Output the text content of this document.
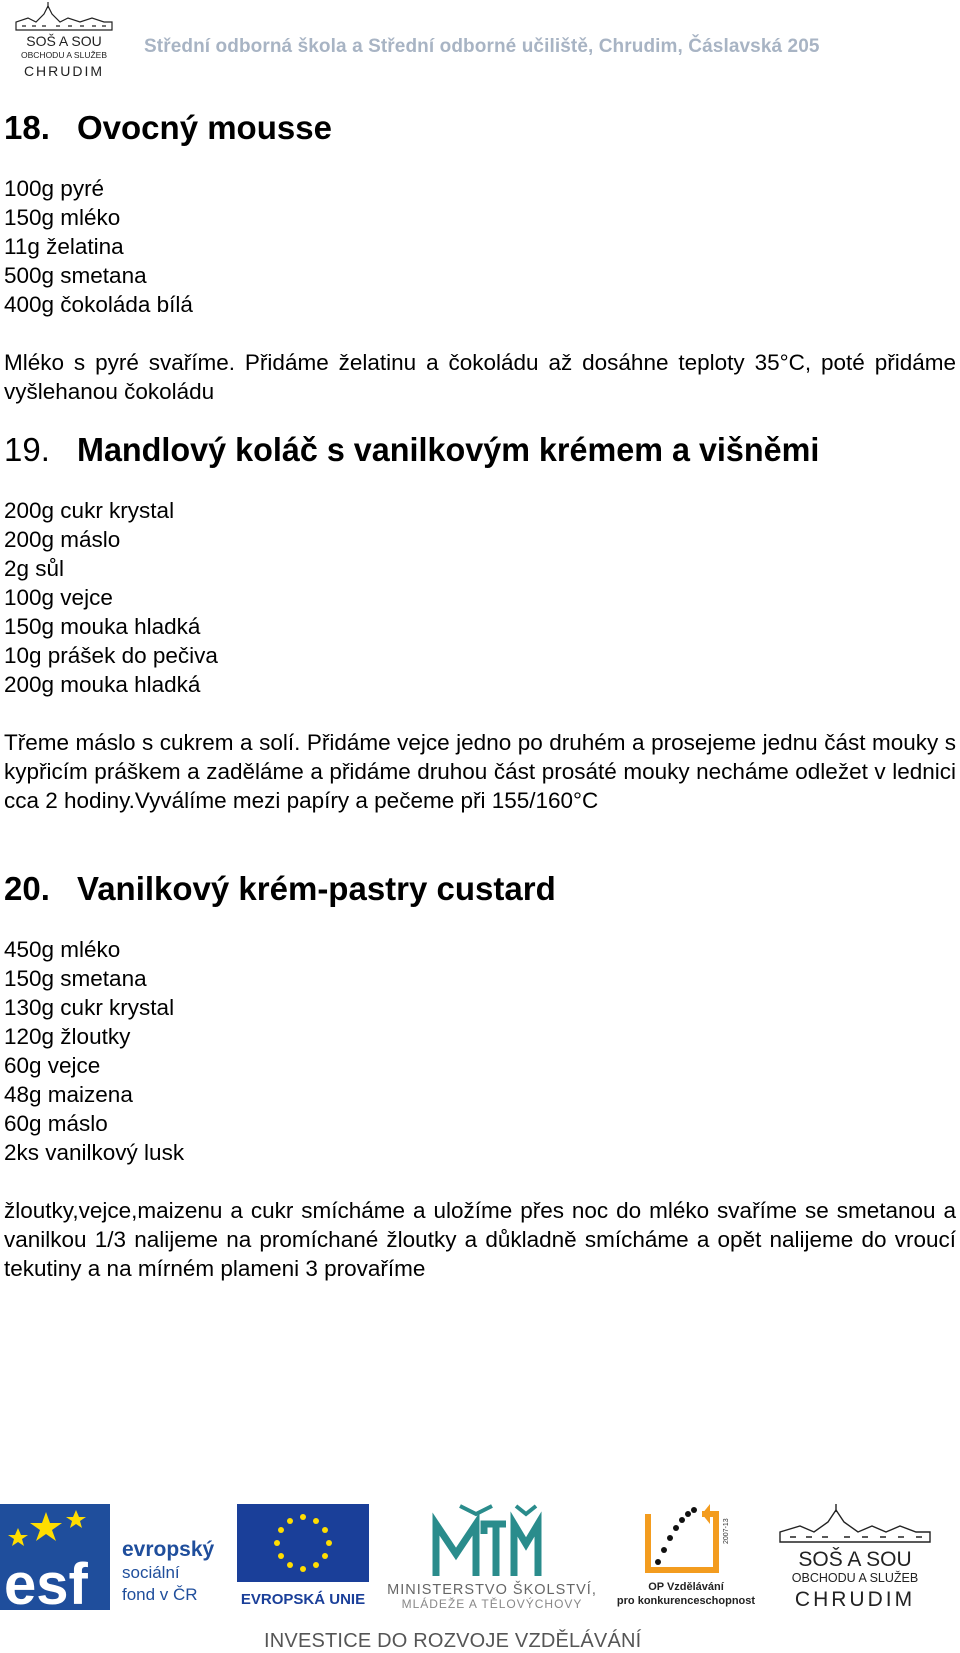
SOŠ A SOU
OBCHODU A SLUŽEB
CHRUDIM
Střední odborná škola a Střední odborné učiliště, Chrudim, Čáslavská 205
18. Ovocný mousse
100g pyré
150g mléko
11g želatina
500g smetana
400g čokoláda bílá

Mléko s pyré svaříme. Přidáme želatinu a čokoládu až dosáhne teploty 35°C, poté přidáme vyšlehanou čokoládu

19. Mandlový koláč s vanilkovým krémem a višněmi
200g cukr krystal
200g máslo
2g sůl
100g vejce
150g mouka hladká
10g prášek do pečiva
200g mouka hladká

Třeme máslo s cukrem a solí. Přidáme vejce jedno po druhém a prosejeme jednu část mouky s kypřicím práškem a zaděláme a přidáme druhou část prosáté mouky necháme odležet v lednici cca 2 hodiny.Vyválíme mezi papíry a pečeme při 155/160°C

20. Vanilkový krém-pastry custard
450g mléko
150g smetana
130g cukr krystal
120g žloutky
60g vejce
48g maizena
60g máslo
2ks vanilkový lusk

žloutky,vejce,maizenu a cukr smícháme a uložíme přes noc do mléko svaříme se smetanou a vanilkou 1/3 nalijeme na promíchané žloutky a důkladně smícháme a opět nalijeme do vroucí tekutiny a na mírném plameni 3 provaříme

esf
evropský
sociální
fond v ČR	EVROPSKÁ UNIE
MINISTERSTVO ŠKOLSTVÍ,
MLÁDEŽE A TĚLOVÝCHOVY
2007-13
OP Vzdělávání
pro konkurenceschopnost
SOŠ A SOU
OBCHODU A SLUŽEB
CHRUDIM
INVESTICE DO ROZVOJE VZDĚLÁVÁNÍ
